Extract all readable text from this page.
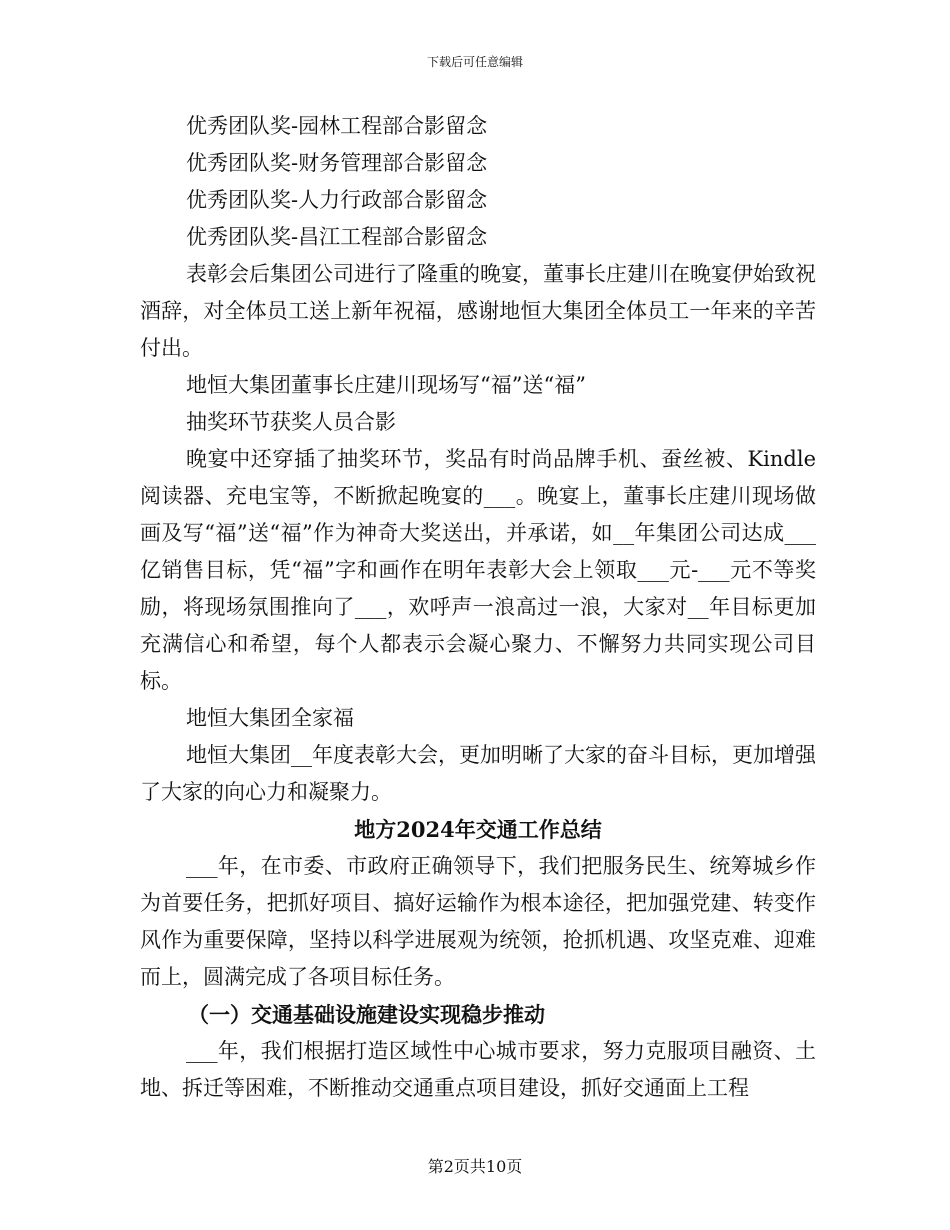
下载后可任意编辑

优秀团队奖-园林工程部合影留念

优秀团队奖-财务管理部合影留念

优秀团队奖-人力行政部合影留念

优秀团队奖-昌江工程部合影留念

表彰会后集团公司进行了隆重的晚宴，董事长庄建川在晚宴伊始致祝酒辞，对全体员工送上新年祝福，感谢地恒大集团全体员工一年来的辛苦付出。

地恒大集团董事长庄建川现场写“福”送“福”

抽奖环节获奖人员合影

晚宴中还穿插了抽奖环节，奖品有时尚品牌手机、蚕丝被、Kindle阅读器、充电宝等，不断掀起晚宴的___。晚宴上，董事长庄建川现场做画及写“福”送“福”作为神奇大奖送出，并承诺，如__年集团公司达成___亿销售目标，凭“福”字和画作在明年表彰大会上领取___元-___元不等奖励，将现场氛围推向了___，欢呼声一浪高过一浪，大家对__年目标更加充满信心和希望，每个人都表示会凝心聚力、不懈努力共同实现公司目标。

地恒大集团全家福

地恒大集团__年度表彰大会，更加明晰了大家的奋斗目标，更加增强了大家的向心力和凝聚力。

地方2024年交通工作总结

___年，在市委、市政府正确领导下，我们把服务民生、统筹城乡作为首要任务，把抓好项目、搞好运输作为根本途径，把加强党建、转变作风作为重要保障，坚持以科学进展观为统领，抢抓机遇、攻坚克难、迎难而上，圆满完成了各项目标任务。

（一）交通基础设施建设实现稳步推动

___年，我们根据打造区域性中心城市要求，努力克服项目融资、土地、拆迁等困难，不断推动交通重点项目建设，抓好交通面上工程

第2页共10页
